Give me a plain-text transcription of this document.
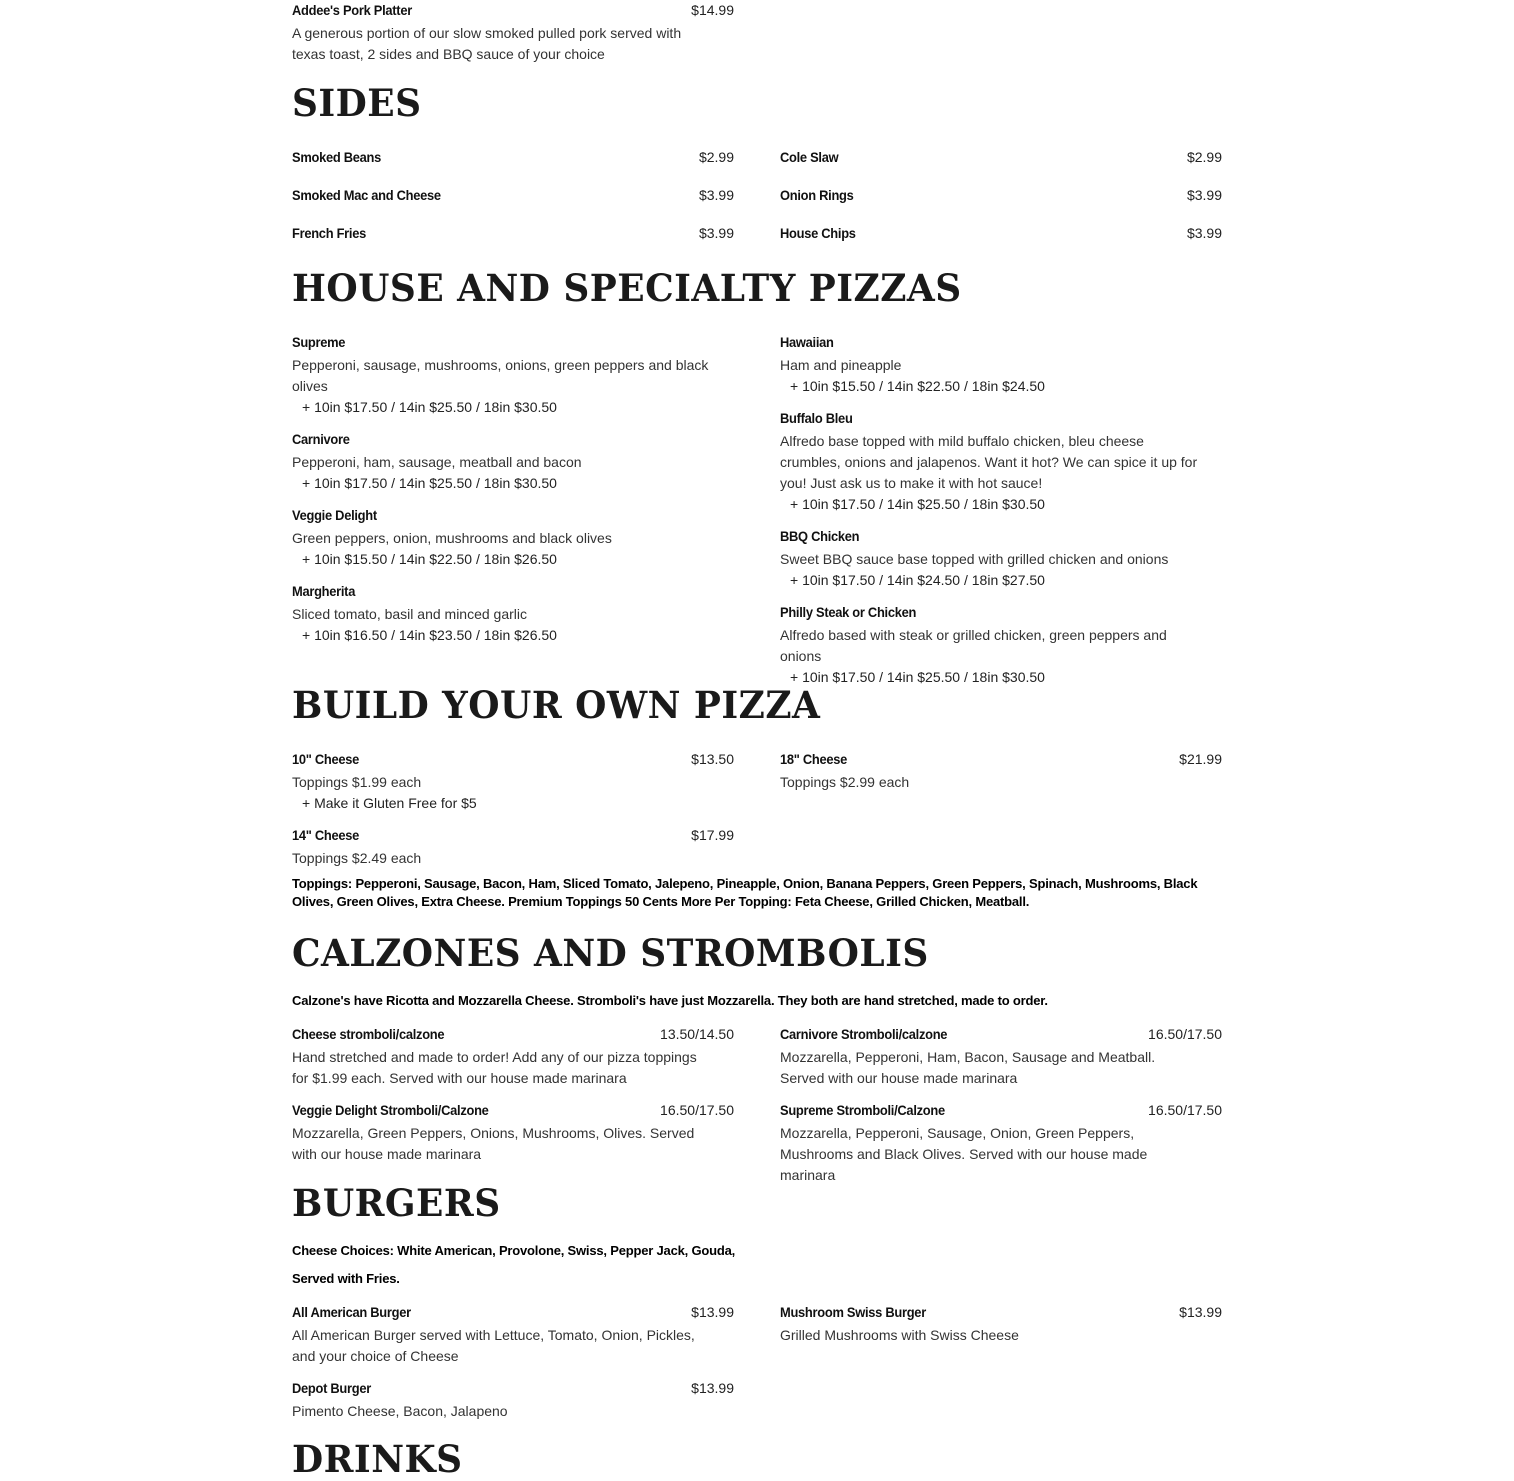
Addee's Pork Platter	$14.99
A generous portion of our slow smoked pulled pork served with texas toast, 2 sides and BBQ sauce of your choice
SIDES
Smoked Beans	$2.99	Cole Slaw	$2.99
Smoked Mac and Cheese	$3.99	Onion Rings	$3.99
French Fries	$3.99	House Chips	$3.99
HOUSE AND SPECIALTY PIZZAS
Supreme
Pepperoni, sausage, mushrooms, onions, green peppers and black olives
+ 10in $17.50 / 14in $25.50 / 18in $30.50
Carnivore
Pepperoni, ham, sausage, meatball and bacon
+ 10in $17.50 / 14in $25.50 / 18in $30.50
Veggie Delight
Green peppers, onion, mushrooms and black olives
+ 10in $15.50 / 14in $22.50 / 18in $26.50
Margherita
Sliced tomato, basil and minced garlic
+ 10in $16.50 / 14in $23.50 / 18in $26.50
Hawaiian
Ham and pineapple
+ 10in $15.50 / 14in $22.50 / 18in $24.50
Buffalo Bleu
Alfredo base topped with mild buffalo chicken, bleu cheese crumbles, onions and jalapenos. Want it hot? We can spice it up for you! Just ask us to make it with hot sauce!
+ 10in $17.50 / 14in $25.50 / 18in $30.50
BBQ Chicken
Sweet BBQ sauce base topped with grilled chicken and onions
+ 10in $17.50 / 14in $24.50 / 18in $27.50
Philly Steak or Chicken
Alfredo based with steak or grilled chicken, green peppers and onions
+ 10in $17.50 / 14in $25.50 / 18in $30.50
BUILD YOUR OWN PIZZA
10" Cheese	$13.50
Toppings $1.99 each
+ Make it Gluten Free for $5
18" Cheese	$21.99
Toppings $2.99 each
14" Cheese	$17.99
Toppings $2.49 each
Toppings: Pepperoni, Sausage, Bacon, Ham, Sliced Tomato, Jalepeno, Pineapple, Onion, Banana Peppers, Green Peppers, Spinach, Mushrooms, Black Olives, Green Olives, Extra Cheese. Premium Toppings 50 Cents More Per Topping: Feta Cheese, Grilled Chicken, Meatball.
CALZONES AND STROMBOLIS
Calzone's have Ricotta and Mozzarella Cheese. Stromboli's have just Mozzarella. They both are hand stretched, made to order.
Cheese stromboli/calzone	13.50/14.50
Hand stretched and made to order! Add any of our pizza toppings for $1.99 each. Served with our house made marinara
Carnivore Stromboli/calzone	16.50/17.50
Mozzarella, Pepperoni, Ham, Bacon, Sausage and Meatball. Served with our house made marinara
Veggie Delight Stromboli/Calzone	16.50/17.50
Mozzarella, Green Peppers, Onions, Mushrooms, Olives. Served with our house made marinara
Supreme Stromboli/Calzone	16.50/17.50
Mozzarella, Pepperoni, Sausage, Onion, Green Peppers, Mushrooms and Black Olives. Served with our house made marinara
BURGERS
Cheese Choices: White American, Provolone, Swiss, Pepper Jack, Gouda,
Served with Fries.
All American Burger	$13.99
All American Burger served with Lettuce, Tomato, Onion, Pickles, and your choice of Cheese
Mushroom Swiss Burger	$13.99
Grilled Mushrooms with Swiss Cheese
Depot Burger	$13.99
Pimento Cheese, Bacon, Jalapeno
DRINKS
